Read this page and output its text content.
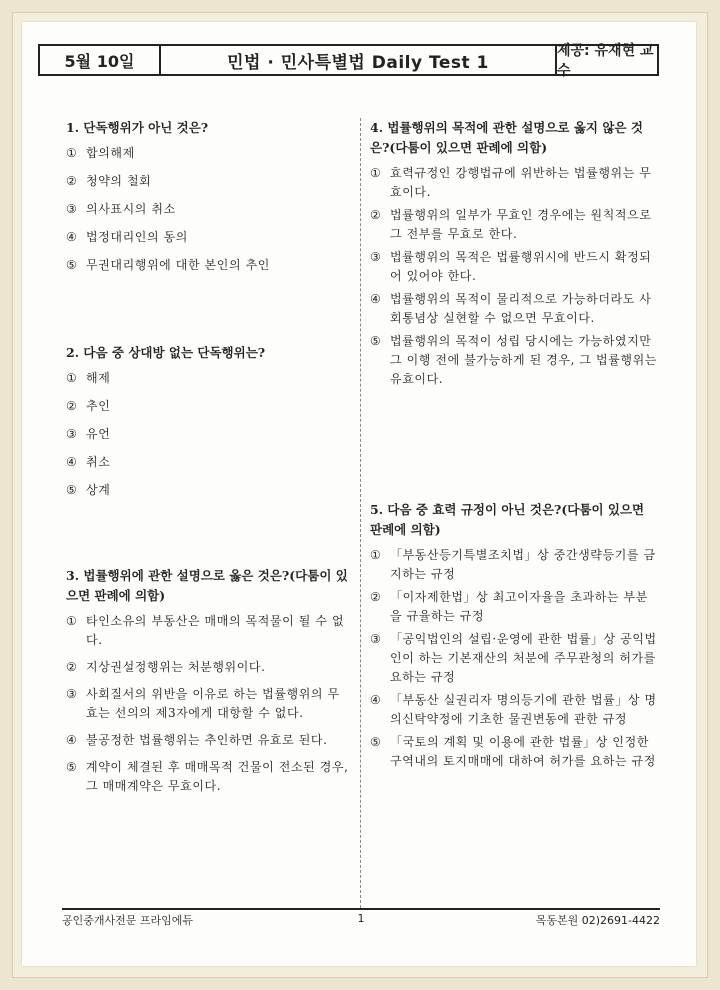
5월 10일	민법 · 민사특별법 Daily Test 1
제공: 유재현 교수
1. 단독행위가 아닌 것은?
① 합의해제
② 청약의 철회
③ 의사표시의 취소
④ 법정대리인의 동의
⑤ 무권대리행위에 대한 본인의 추인
2. 다음 중 상대방 없는 단독행위는?
① 해제
② 추인
③ 유언
④ 취소
⑤ 상계
3. 법률행위에 관한 설명으로 옳은 것은?(다툼이 있으면 판례에 의함)
① 타인소유의 부동산은 매매의 목적물이 될 수 없다.
② 지상권설정행위는 처분행위이다.
③ 사회질서의 위반을 이유로 하는 법률행위의 무효는 선의의 제3자에게 대항할 수 없다.
④ 불공정한 법률행위는 추인하면 유효로 된다.
⑤ 계약이 체결된 후 매매목적 건물이 전소된 경우, 그 매매계약은 무효이다.
4. 법률행위의 목적에 관한 설명으로 옳지 않은 것은?(다툼이 있으면 판례에 의함)
① 효력규정인 강행법규에 위반하는 법률행위는 무효이다.
② 법률행위의 일부가 무효인 경우에는 원칙적으로 그 전부를 무효로 한다.
③ 법률행위의 목적은 법률행위시에 반드시 확정되어 있어야 한다.
④ 법률행위의 목적이 물리적으로 가능하더라도 사회통념상 실현할 수 없으면 무효이다.
⑤ 법률행위의 목적이 성립 당시에는 가능하였지만 그 이행 전에 불가능하게 된 경우, 그 법률행위는 유효이다.
5. 다음 중 효력 규정이 아닌 것은?(다툼이 있으면 판례에 의함)
① 「부동산등기특별조치법」상 중간생략등기를 금지하는 규정
② 「이자제한법」상 최고이자율을 초과하는 부분을 규율하는 규정
③ 「공익법인의 설립·운영에 관한 법률」상 공익법인이 하는 기본재산의 처분에 주무관청의 허가를 요하는 규정
④ 「부동산 실권리자 명의등기에 관한 법률」상 명의신탁약정에 기초한 물권변동에 관한 규정
⑤ 「국토의 계획 및 이용에 관한 법률」상 인정한 구역내의 토지매매에 대하여 허가를 요하는 규정
공인중개사전문 프라임에듀	1	목동본원 02)2691-4422
